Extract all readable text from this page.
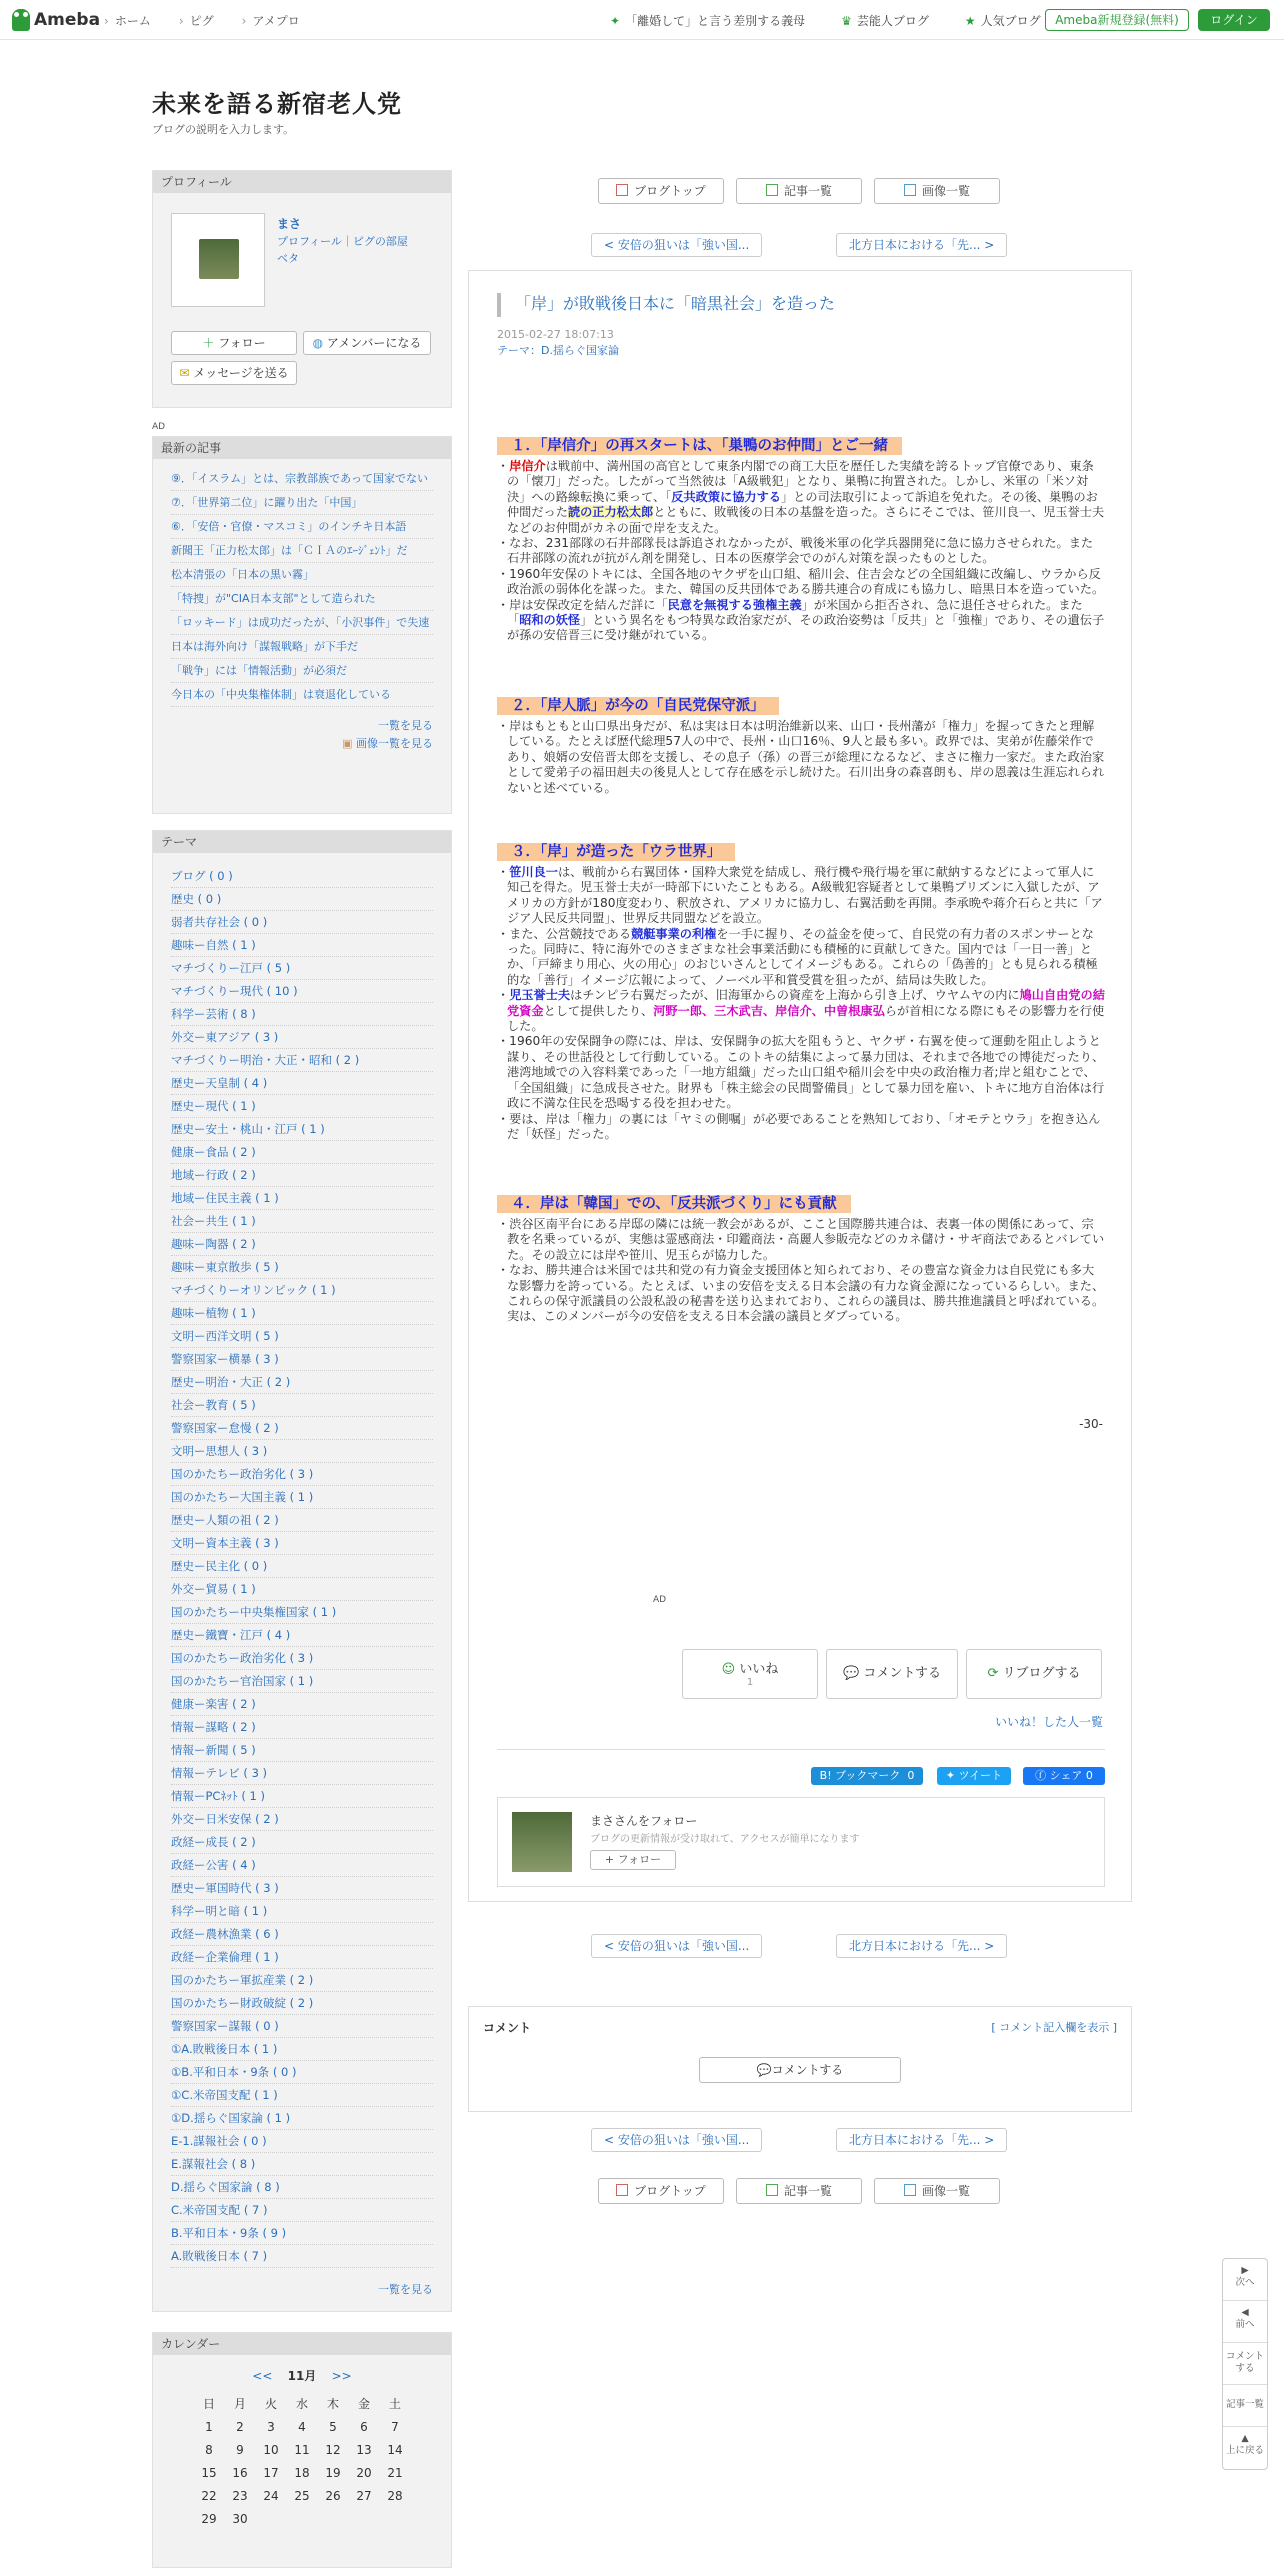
Ameba	› ホーム	› ピグ	› アメプロ	✦ 「離婚して」と言う差別する義母	♛ 芸能人ブログ	★ 人気ブログ	Ameba新規登録(無料)	ログイン
未来を語る新宿老人党
ブログの説明を入力します。
プロフィール
まさ
プロフィール｜ピグの部屋
ベタ
＋ フォロー	◍ アメンバーになる
✉ メッセージを送る
AD
最新の記事
⑨．「イスラム」とは、宗教部族であって国家でない
⑦．「世界第二位」に躍り出た「中国」
⑥．「安倍・官僚・マスコミ」のインチキ日本語
新聞王「正力松太郎」は「ＣＩＡのｴｰｼﾞｪﾝﾄ」だ
松本清張の「日本の黒い霧」
「特捜」が"CIA日本支部"として造られた
「ロッキード」は成功だったが、「小沢事件」で失速
日本は海外向け「謀報戦略」が下手だ
「戦争」には「情報活動」が必須だ
今日本の「中央集権体制」は衰退化している
一覧を見る
▣ 画像一覧を見る
テーマ
ブログ ( 0 )
歴史 ( 0 )
弱者共存社会 ( 0 )
趣味ー自然 ( 1 )
マチづくりー江戸 ( 5 )
マチづくりー現代 ( 10 )
科学ー芸術 ( 8 )
外交ー東アジア ( 3 )
マチづくりー明治・大正・昭和 ( 2 )
歴史ー天皇制 ( 4 )
歴史ー現代 ( 1 )
歴史ー安土・桃山・江戸 ( 1 )
健康ー食品 ( 2 )
地域ー行政 ( 2 )
地域ー住民主義 ( 1 )
社会ー共生 ( 1 )
趣味ー陶器 ( 2 )
趣味ー東京散歩 ( 5 )
マチづくりーオリンピック ( 1 )
趣味ー植物 ( 1 )
文明ー西洋文明 ( 5 )
警察国家ー横暴 ( 3 )
歴史ー明治・大正 ( 2 )
社会ー教育 ( 5 )
警察国家ー怠慢 ( 2 )
文明ー思想人 ( 3 )
国のかたちー政治劣化 ( 3 )
国のかたちー大国主義 ( 1 )
歴史ー人類の祖 ( 2 )
文明ー資本主義 ( 3 )
歴史ー民主化 ( 0 )
外交ー貿易 ( 1 )
国のかたちー中央集権国家 ( 1 )
歴史ー鐵寶・江戸 ( 4 )
国のかたちー政治劣化 ( 3 )
国のかたちー官治国家 ( 1 )
健康ー楽害 ( 2 )
情報ー謀略 ( 2 )
情報ー新聞 ( 5 )
情報ーテレビ ( 3 )
情報ーPCﾈｯﾄ ( 1 )
外交ー日米安保 ( 2 )
政経ー成長 ( 2 )
政経ー公害 ( 4 )
歴史ー軍国時代 ( 3 )
科学ー明と暗 ( 1 )
政経ー農林漁業 ( 6 )
政経ー企業倫理 ( 1 )
国のかたちー軍拡産業 ( 2 )
国のかたちー財政破綻 ( 2 )
警察国家ー謀報 ( 0 )
①A.敗戦後日本 ( 1 )
①B.平和日本・9条 ( 0 )
①C.米帝国支配 ( 1 )
①D.揺らぐ国家論 ( 1 )
E-1.謀報社会 ( 0 )
E.謀報社会 ( 8 )
D.揺らぐ国家論 ( 8 )
C.米帝国支配 ( 7 )
B.平和日本・9条 ( 9 )
A.敗戦後日本 ( 7 )
一覧を見る
カレンダー
<< 11月 >>
日	月	火	水	木	金	土
1	2	3	4	5	6	7
8	9	10	11	12	13	14
15	16	17	18	19	20	21
22	23	24	25	26	27	28
29	30					
ブログトップ	記事一覧	画像一覧
< 安倍の狙いは「強い国...	北方日本における「先... >
「岸」が敗戦後日本に「暗黒社会」を造った
2015-02-27 18:07:13
テーマ：D.揺らぐ国家論
１．「岸信介」の再スタートは、「巣鴨のお仲間」とご一緒

・岸信介は戦前中、満州国の高官として東条内閣での商工大臣を歴任した実績を誇るトップ官僚であり、東条の「懐刀」だった。したがって当然彼は「A級戦犯」となり、巣鴨に拘置された。しかし、米軍の「米ソ対決」への路線転換に乗って、「反共政策に協力する」との司法取引によって訴追を免れた。その後、巣鴨のお仲間だった読の正力松太郎とともに、敗戦後の日本の基盤を造った。さらにそこでは、笹川良一、児玉誉士夫などのお仲間がカネの面で岸を支えた。

・なお、231部隊の石井部隊長は訴追されなかったが、戦後米軍の化学兵器開発に急に協力させられた。また石井部隊の流れが抗がん剤を開発し、日本の医療学会でのがん対策を誤ったものとした。

・1960年安保のトキには、全国各地のヤクザを山口組、稲川会、住吉会などの全国組織に改編し、ウラから反政治派の弱体化を謀った。また、韓国の反共団体である勝共連合の育成にも協力し、暗黒日本を造っていた。

・岸は安保改定を結んだ詳に「民意を無視する強権主義」が米国から拒否され、急に退任させられた。また「昭和の妖怪」という異名をもつ特異な政治家だが、その政治姿勢は「反共」と「強権」であり、その遺伝子が孫の安倍晋三に受け継がれている。

２．「岸人脈」が今の「自民党保守派」

・岸はもともと山口県出身だが、私は実は日本は明治維新以来、山口・長州藩が「権力」を握ってきたと理解している。たとえば歴代総理57人の中で、長州・山口16％、9人と最も多い。政界では、実弟が佐藤栄作であり、娘婿の安倍晋太郎を支援し、その息子（孫）の晋三が総理になるなど、まさに権力一家だ。また政治家として愛弟子の福田赳夫の後見人として存在感を示し続けた。石川出身の森喜朗も、岸の恩義は生涯忘れられないと述べている。

３．「岸」が造った「ウラ世界」

・笹川良一は、戦前から右翼団体・国粋大衆党を結成し、飛行機や飛行場を軍に献納するなどによって軍人に知己を得た。児玉誉士夫が一時部下にいたこともある。A級戦犯容疑者として巣鴨プリズンに入獄したが、アメリカの方針が180度変わり、釈放され、アメリカに協力し、右翼活動を再開。李承晩や蒋介石らと共に「アジア人民反共同盟」、世界反共同盟などを設立。

・また、公営競技である競艇事業の利権を一手に握り、その益金を使って、自民党の有力者のスポンサーとなった。同時に、特に海外でのさまざまな社会事業活動にも積極的に貢献してきた。国内では「一日一善」とか、「戸締まり用心、火の用心」のおじいさんとしてイメージもある。これらの「偽善的」とも見られる積極的な「善行」イメージ広報によって、ノーベル平和賞受賞を狙ったが、結局は失敗した。

・児玉誉士夫はチンピラ右翼だったが、旧海軍からの資産を上海から引き上げ、ウヤムヤの内に鳩山自由党の結党資金として提供したり、河野一郎、三木武吉、岸信介、中曽根康弘らが首相になる際にもその影響力を行使した。

・1960年の安保闘争の際には、岸は、安保闘争の拡大を阻もうと、ヤクザ・右翼を使って運動を阻止しようと謀り、その世話役として行動している。このトキの結集によって暴力団は、それまで各地での博徒だったり、港湾地域での入容料業であった「一地方組織」だった山口組や稲川会を中央の政治権力者;岸と組むことで、「全国組織」に急成長させた。財界も「株主総会の民間警備員」として暴力団を雇い、トキに地方自治体は行政に不満な住民を恐喝する役を担わせた。

・要は、岸は「権力」の裏には「ヤミの側嘱」が必要であることを熟知しており、「オモテとウラ」を抱き込んだ「妖怪」だった。

４．岸は「韓国」での、「反共派づくり」にも貢献

・渋谷区南平台にある岸邸の隣には統一教会があるが、ここと国際勝共連合は、表裏一体の関係にあって、宗教を名乗っているが、実態は霊感商法・印鑑商法・高麗人参販売などのカネ儲け・サギ商法であるとバレていた。その設立には岸や笹川、児玉らが協力した。

・なお、勝共連合は米国では共和党の有力資金支援団体と知られており、その豊富な資金力は自民党にも多大な影響力を誇っている。たとえば、いまの安倍を支える日本会議の有力な資金源になっているらしい。また、これらの保守派議員の公設私設の秘書を送り込まれており、これらの議員は、勝共推進議員と呼ばれている。実は、このメンバーが今の安倍を支える日本会議の議員とダブっている。

-30-
AD
☺ いいね
1
💬 コメントする	⟳ リブログする
いいね！した人一覧
B! ブックマーク 0	✦ ツイート	ⓕ シェア 0
まささんをフォロー
ブログの更新情報が受け取れて、アクセスが簡単になります
+ フォロー
< 安倍の狙いは「強い国...	北方日本における「先... >
コメント	[ コメント記入欄を表示 ]
💬コメントする
< 安倍の狙いは「強い国...	北方日本における「先... >
ブログトップ	記事一覧	画像一覧
▶
次へ
◀
前へ
コメントする
記事一覧
▲
上に戻る
